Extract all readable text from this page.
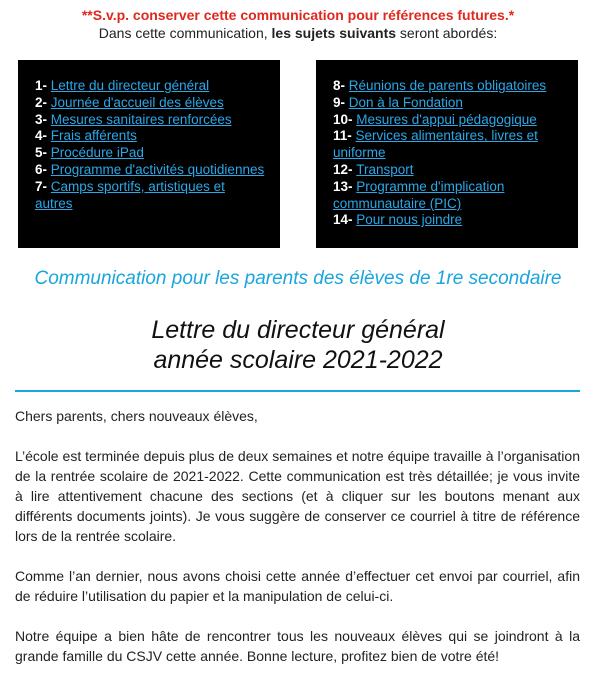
**S.v.p. conserver cette communication pour références futures.*
Dans cette communication, les sujets suivants seront abordés:
1- Lettre du directeur général
2- Journée d'accueil des élèves
3- Mesures sanitaires renforcées
4- Frais afférents
5- Procédure iPad
6- Programme d'activités quotidiennes
7- Camps sportifs, artistiques et autres
8- Réunions de parents obligatoires
9- Don à la Fondation
10- Mesures d'appui pédagogique
11- Services alimentaires, livres et uniforme
12- Transport
13- Programme d'implication communautaire (PIC)
14- Pour nous joindre
Communication pour les parents des élèves de 1re secondaire
Lettre du directeur général
année scolaire 2021-2022

Chers parents, chers nouveaux élèves,

L’école est terminée depuis plus de deux semaines et notre équipe travaille à l’organisation de la rentrée scolaire de 2021-2022. Cette communication est très détaillée; je vous invite à lire attentivement chacune des sections (et à cliquer sur les boutons menant aux différents documents joints). Je vous suggère de conserver ce courriel à titre de référence lors de la rentrée scolaire.

Comme l’an dernier, nous avons choisi cette année d’effectuer cet envoi par courriel, afin de réduire l’utilisation du papier et la manipulation de celui-ci.

Notre équipe a bien hâte de rencontrer tous les nouveaux élèves qui se joindront à la grande famille du CSJV cette année. Bonne lecture, profitez bien de votre été!
